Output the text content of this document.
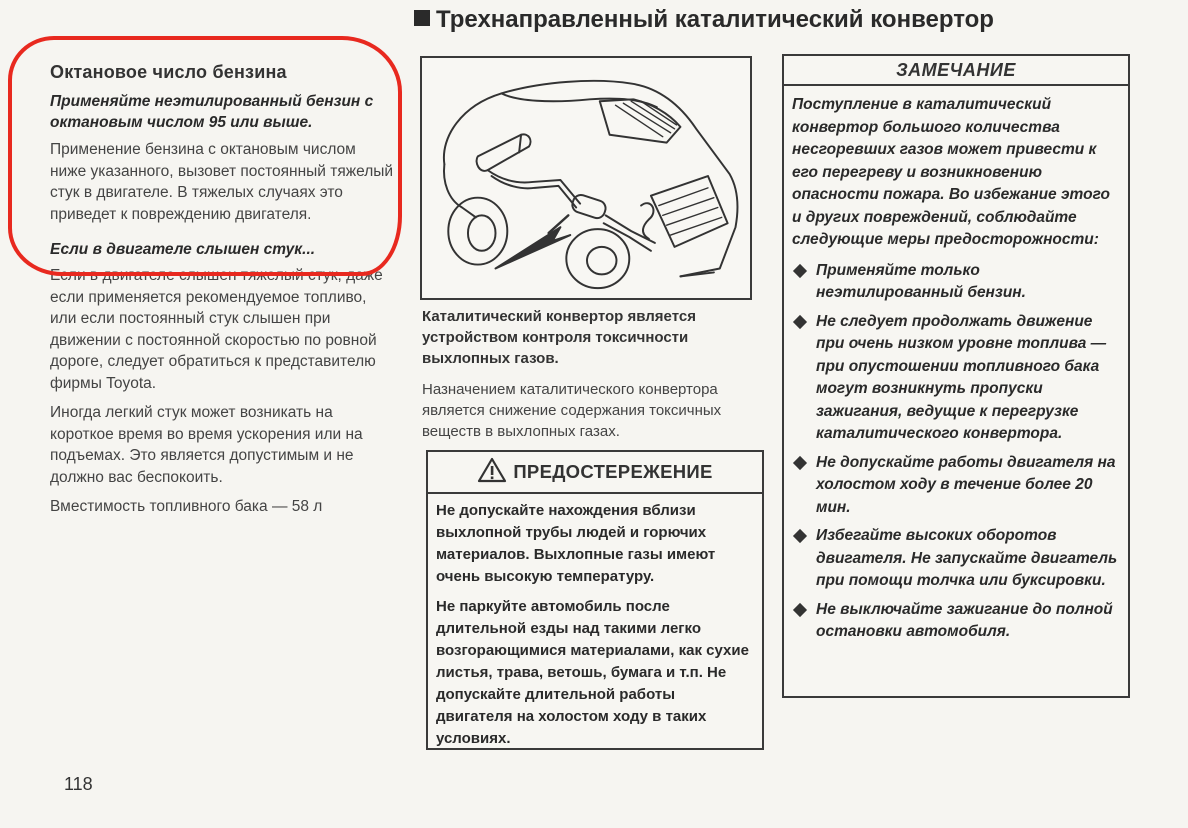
Трехнаправленный каталитический конвертор
Октановое число бензина

Применяйте неэтилированный бензин с октановым числом 95 или выше.

Применение бензина с октановым числом ниже указанного, вызовет постоянный тяжелый стук в двигателе. В тяжелых случаях это приведет к повреждению двигателя.

Если в двигателе слышен стук...

Если в двигателе слышен тяжелый стук, даже если применяется рекомендуемое топливо, или если постоянный стук слышен при движении с постоянной скоростью по ровной дороге, следует обратиться к представителю фирмы Toyota.

Иногда легкий стук может возникать на короткое время во время ускорения или на подъемах. Это является допустимым и не должно вас беспокоить.

Вместимость топливного бака — 58 л

Каталитический конвертор является устройством контроля токсичности выхлопных газов.

Назначением каталитического конвертора является снижение содержания токсичных веществ в выхлопных газах.

ПРЕДОСТЕРЕЖЕНИЕ

Не допускайте нахождения вблизи выхлопной трубы людей и горючих материалов. Выхлопные газы имеют очень высокую температуру.

Не паркуйте автомобиль после длительной езды над такими легко возгорающимися материалами, как сухие листья, трава, ветошь, бумага и т.п. Не допускайте длительной работы двигателя на холостом ходу в таких условиях.

ЗАМЕЧАНИЕ

Поступление в каталитический конвертор большого количества несгоревших газов может привести к его перегреву и возникновению опасности пожара. Во избежание этого и других повреждений, соблюдайте следующие меры предосторожности:

Применяйте только неэтилированный бензин.
Не следует продолжать движение при очень низком уровне топлива — при опустошении топливного бака могут возникнуть пропуски зажигания, ведущие к перегрузке каталитического конвертора.
Не допускайте работы двигателя на холостом ходу в течение более 20 мин.
Избегайте высоких оборотов двигателя. Не запускайте двигатель при помощи толчка или буксировки.
Не выключайте зажигание до полной остановки автомобиля.
118
